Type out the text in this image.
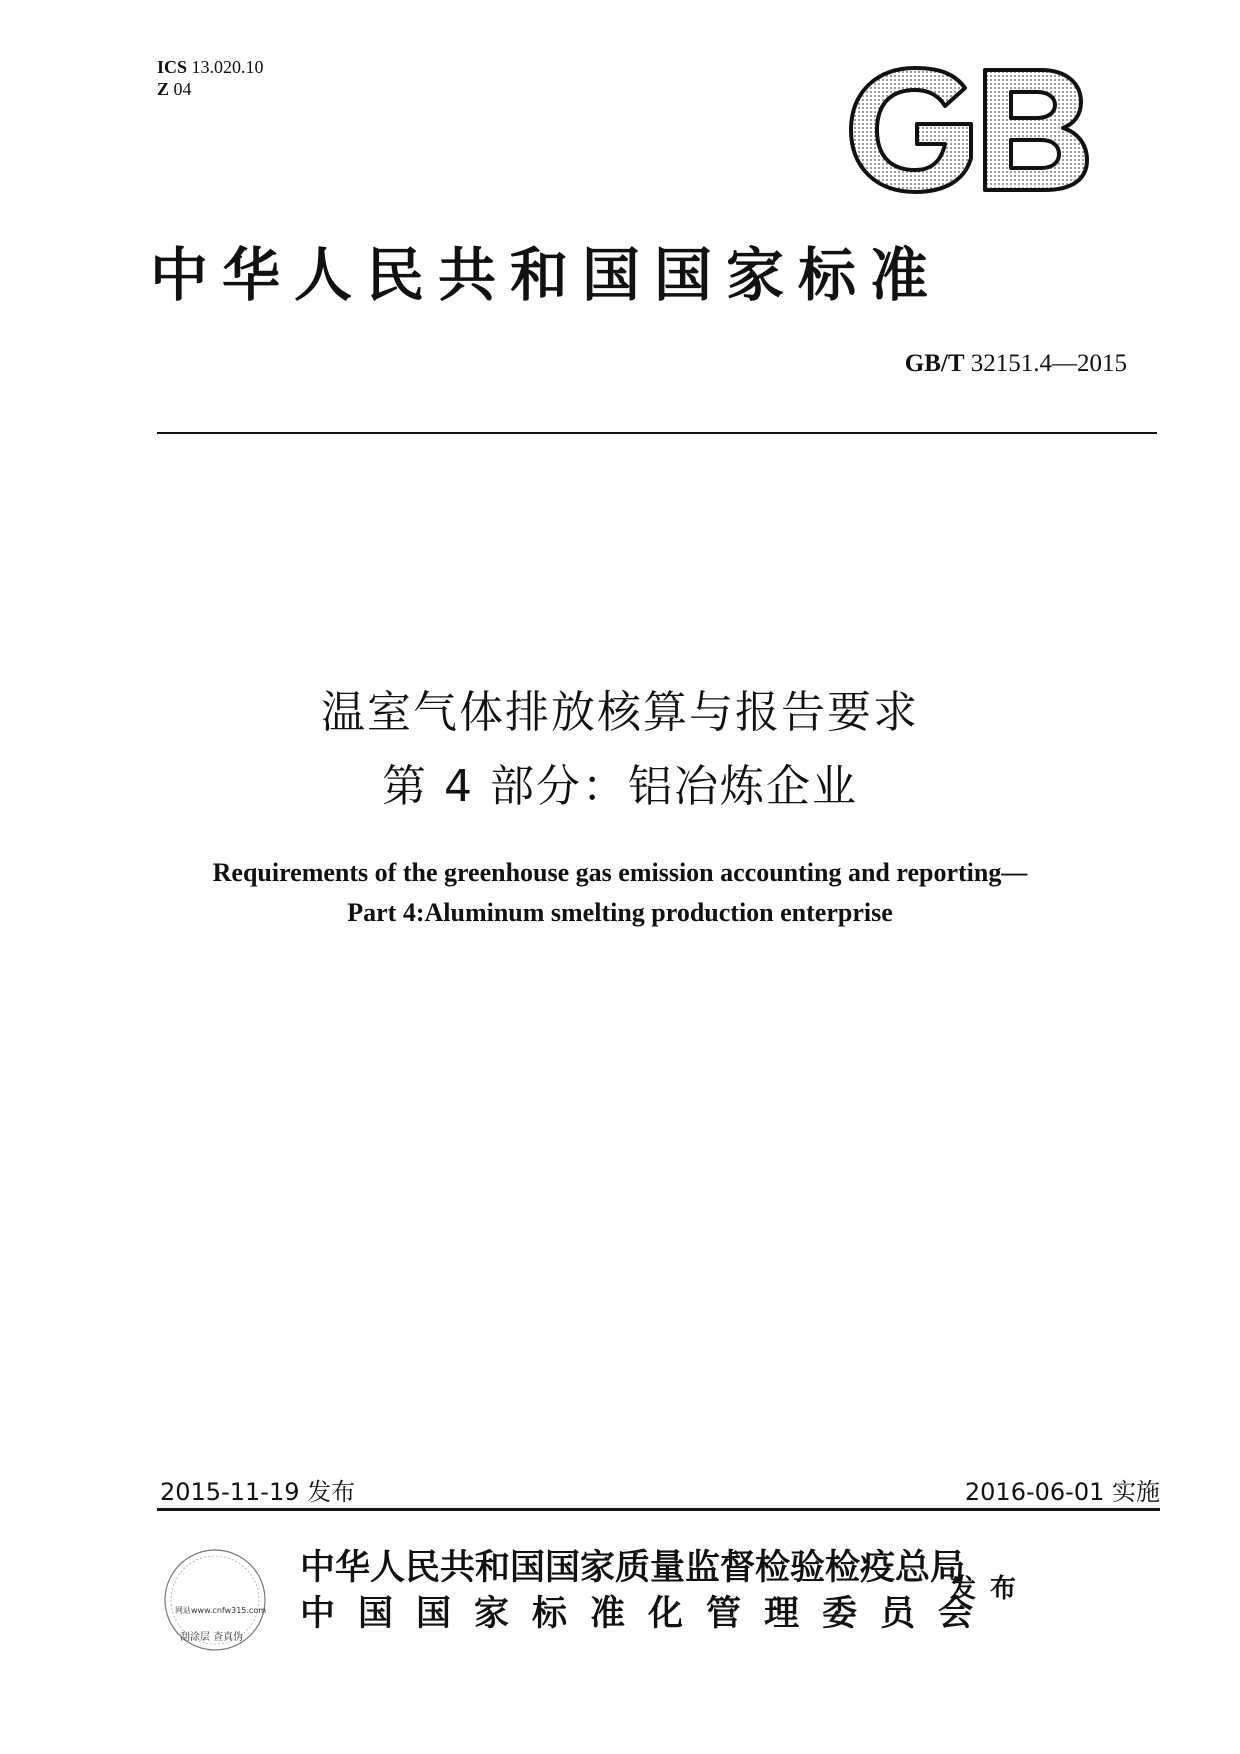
ICS 13.020.10
Z 04
中华人民共和国国家标准
GB/T 32151.4—2015
温室气体排放核算与报告要求
第 4 部分：铝冶炼企业
Requirements of the greenhouse gas emission accounting and reporting—
Part 4:Aluminum smelting production enterprise
2015-11-19 发布	2016-06-01 实施
网站www.cnfw315.com
刮涂层 查真伪
中华人民共和国国家质量监督检验检疫总局
中国国家标准化管理委员会
发布
